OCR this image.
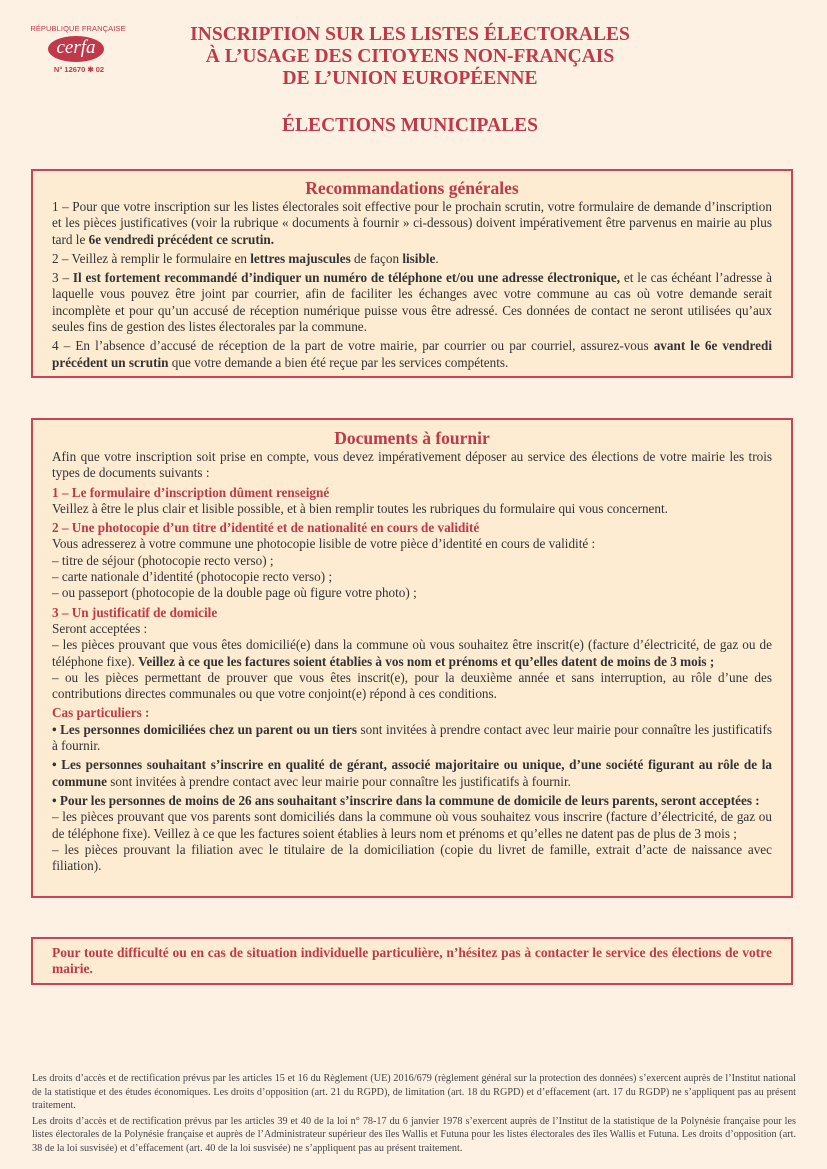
RÉPUBLIQUE FRANÇAISE
cerfa
N° 12670 ✱ 02
INSCRIPTION SUR LES LISTES ÉLECTORALES
À L’USAGE DES CITOYENS NON-FRANÇAIS
DE L’UNION EUROPÉENNE
ÉLECTIONS MUNICIPALES
Recommandations générales

1 – Pour que votre inscription sur les listes électorales soit effective pour le prochain scrutin, votre formulaire de demande d’inscription et les pièces justificatives (voir la rubrique « documents à fournir » ci-dessous) doivent impérativement être parvenus en mairie au plus tard le 6e vendredi précédent ce scrutin.

2 – Veillez à remplir le formulaire en lettres majuscules de façon lisible.

3 – Il est fortement recommandé d’indiquer un numéro de téléphone et/ou une adresse électronique, et le cas échéant l’adresse à laquelle vous pouvez être joint par courrier, afin de faciliter les échanges avec votre commune au cas où votre demande serait incomplète et pour qu’un accusé de réception numérique puisse vous être adressé. Ces données de contact ne seront utilisées qu’aux seules fins de gestion des listes électorales par la commune.

4 – En l’absence d’accusé de réception de la part de votre mairie, par courrier ou par courriel, assurez-vous avant le 6e vendredi précédent un scrutin que votre demande a bien été reçue par les services compétents.

Documents à fournir

Afin que votre inscription soit prise en compte, vous devez impérativement déposer au service des élections de votre mairie les trois types de documents suivants :

1 – Le formulaire d’inscription dûment renseigné

Veillez à être le plus clair et lisible possible, et à bien remplir toutes les rubriques du formulaire qui vous concernent.

2 – Une photocopie d’un titre d’identité et de nationalité en cours de validité

Vous adresserez à votre commune une photocopie lisible de votre pièce d’identité en cours de validité :

– titre de séjour (photocopie recto verso) ;

– carte nationale d’identité (photocopie recto verso) ;

– ou passeport (photocopie de la double page où figure votre photo) ;

3 – Un justificatif de domicile

Seront acceptées :

– les pièces prouvant que vous êtes domicilié(e) dans la commune où vous souhaitez être inscrit(e) (facture d’électricité, de gaz ou de téléphone fixe). Veillez à ce que les factures soient établies à vos nom et prénoms et qu’elles datent de moins de 3 mois ;

– ou les pièces permettant de prouver que vous êtes inscrit(e), pour la deuxième année et sans interruption, au rôle d’une des contributions directes communales ou que votre conjoint(e) répond à ces conditions.

Cas particuliers :

• Les personnes domiciliées chez un parent ou un tiers sont invitées à prendre contact avec leur mairie pour connaître les justificatifs à fournir.

• Les personnes souhaitant s’inscrire en qualité de gérant, associé majoritaire ou unique, d’une société figurant au rôle de la commune sont invitées à prendre contact avec leur mairie pour connaître les justificatifs à fournir.

• Pour les personnes de moins de 26 ans souhaitant s’inscrire dans la commune de domicile de leurs parents, seront acceptées :

– les pièces prouvant que vos parents sont domiciliés dans la commune où vous souhaitez vous inscrire (facture d’électricité, de gaz ou de téléphone fixe). Veillez à ce que les factures soient établies à leurs nom et prénoms et qu’elles ne datent pas de plus de 3 mois ;

– les pièces prouvant la filiation avec le titulaire de la domiciliation (copie du livret de famille, extrait d’acte de naissance avec filiation).

Pour toute difficulté ou en cas de situation individuelle particulière, n’hésitez pas à contacter le service des élections de votre mairie.

Les droits d’accès et de rectification prévus par les articles 15 et 16 du Règlement (UE) 2016/679 (règlement général sur la protection des données) s’exercent auprès de l’Institut national de la statistique et des études économiques. Les droits d’opposition (art. 21 du RGPD), de limitation (art. 18 du RGPD) et d’effacement (art. 17 du RGDP) ne s’appliquent pas au présent traitement.

Les droits d’accès et de rectification prévus par les articles 39 et 40 de la loi n° 78-17 du 6 janvier 1978 s’exercent auprès de l’Institut de la statistique de la Polynésie française pour les listes électorales de la Polynésie française et auprès de l’Administrateur supérieur des îles Wallis et Futuna pour les listes électorales des îles Wallis et Futuna. Les droits d’opposition (art. 38 de la loi susvisée) et d’effacement (art. 40 de la loi susvisée) ne s’appliquent pas au présent traitement.
